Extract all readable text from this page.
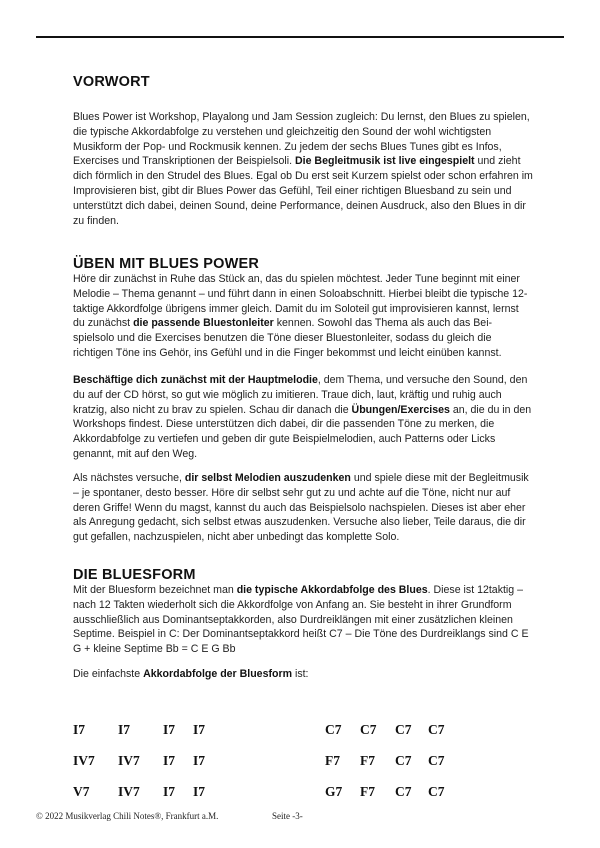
VORWORT

Blues Power ist Workshop, Playalong und Jam Session zugleich: Du lernst, den Blues zu spielen, die typische Akkordabfolge zu verstehen und gleichzeitig den Sound der wohl wichtigsten Musikform der Pop- und Rockmusik kennen. Zu jedem der sechs Blues Tunes gibt es Infos, Exercises und Transkriptionen der Beispielsoli. Die Begleitmusik ist live eingespielt und zieht dich förmlich in den Strudel des Blues. Egal ob Du erst seit Kurzem spielst oder schon erfahren im Improvisieren bist, gibt dir Blues Power das Gefühl, Teil einer richtigen Bluesband zu sein und unterstützt dich dabei, deinen Sound, deine Performance, deinen Ausdruck, also den Blues in dir zu finden.

ÜBEN MIT BLUES POWER

Höre dir zunächst in Ruhe das Stück an, das du spielen möchtest. Jeder Tune beginnt mit einer Melodie – Thema genannt – und führt dann in einen Soloabschnitt. Hierbei bleibt die typische 12- taktige Akkordfolge übrigens immer gleich. Damit du im Soloteil gut improvisieren kannst, lernst du zunächst die passende Bluestonleiter kennen. Sowohl das Thema als auch das Bei- spielsolo und die Exercises benutzen die Töne dieser Bluestonleiter, sodass du gleich die richtigen Töne ins Gehör, ins Gefühl und in die Finger bekommst und leicht einüben kannst.

Beschäftige dich zunächst mit der Hauptmelodie, dem Thema, und versuche den Sound, den du auf der CD hörst, so gut wie möglich zu imitieren. Traue dich, laut, kräftig und ruhig auch kratzig, also nicht zu brav zu spielen. Schau dir danach die Übungen/Exercises an, die du in den Workshops findest. Diese unterstützen dich dabei, dir die passenden Töne zu merken, die Akkordabfolge zu vertiefen und geben dir gute Beispielmelodien, auch Patterns oder Licks genannt, mit auf den Weg.

Als nächstes versuche, dir selbst Melodien auszudenken und spiele diese mit der Begleitmusik – je spontaner, desto besser. Höre dir selbst sehr gut zu und achte auf die Töne, nicht nur auf deren Griffe! Wenn du magst, kannst du auch das Beispielsolo nachspielen. Dieses ist aber eher als Anregung gedacht, sich selbst etwas auszudenken. Versuche also lieber, Teile daraus, die dir gut gefallen, nachzuspielen, nicht aber unbedingt das komplette Solo.

DIE BLUESFORM

Mit der Bluesform bezeichnet man die typische Akkordabfolge des Blues. Diese ist 12taktig – nach 12 Takten wiederholt sich die Akkordfolge von Anfang an. Sie besteht in ihrer Grundform ausschließlich aus Dominantseptakkorden, also Durdreiklängen mit einer zusätzlichen kleinen Septime. Beispiel in C: Der Dominantseptakkord heißt C7 – Die Töne des Durdreiklangs sind C E G + kleine Septime Bb = C E G Bb

Die einfachste Akkordabfolge der Bluesform ist:

I7 I7 I7 I7	C7 C7 C7 C7
IV7 IV7 I7 I7	F7 F7 C7 C7
V7 IV7 I7 I7	G7 F7 C7 C7

© 2022 Musikverlag Chili Notes®, Frankfurt a.M.	Seite -3-
